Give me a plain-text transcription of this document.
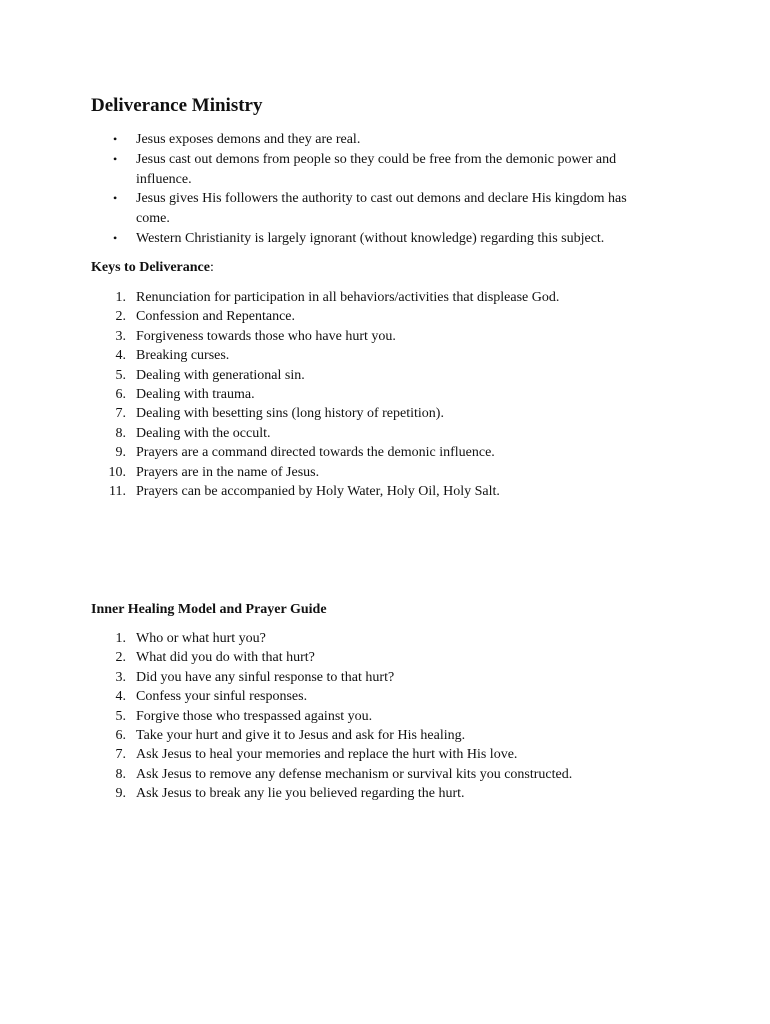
Deliverance Ministry
• Jesus exposes demons and they are real.
• Jesus cast out demons from people so they could be free from the demonic power and
influence.
• Jesus gives His followers the authority to cast out demons and declare His kingdom has
come.
• Western Christianity is largely ignorant (without knowledge) regarding this subject.

Keys to Deliverance:

1. Renunciation for participation in all behaviors/activities that displease God.
2. Confession and Repentance.
3. Forgiveness towards those who have hurt you.
4. Breaking curses.
5. Dealing with generational sin.
6. Dealing with trauma.
7. Dealing with besetting sins (long history of repetition).
8. Dealing with the occult.
9. Prayers are a command directed towards the demonic influence.
10. Prayers are in the name of Jesus.
11. Prayers can be accompanied by Holy Water, Holy Oil, Holy Salt.

Inner Healing Model and Prayer Guide

1. Who or what hurt you?
2. What did you do with that hurt?
3. Did you have any sinful response to that hurt?
4. Confess your sinful responses.
5. Forgive those who trespassed against you.
6. Take your hurt and give it to Jesus and ask for His healing.
7. Ask Jesus to heal your memories and replace the hurt with His love.
8. Ask Jesus to remove any defense mechanism or survival kits you constructed.
9. Ask Jesus to break any lie you believed regarding the hurt.
